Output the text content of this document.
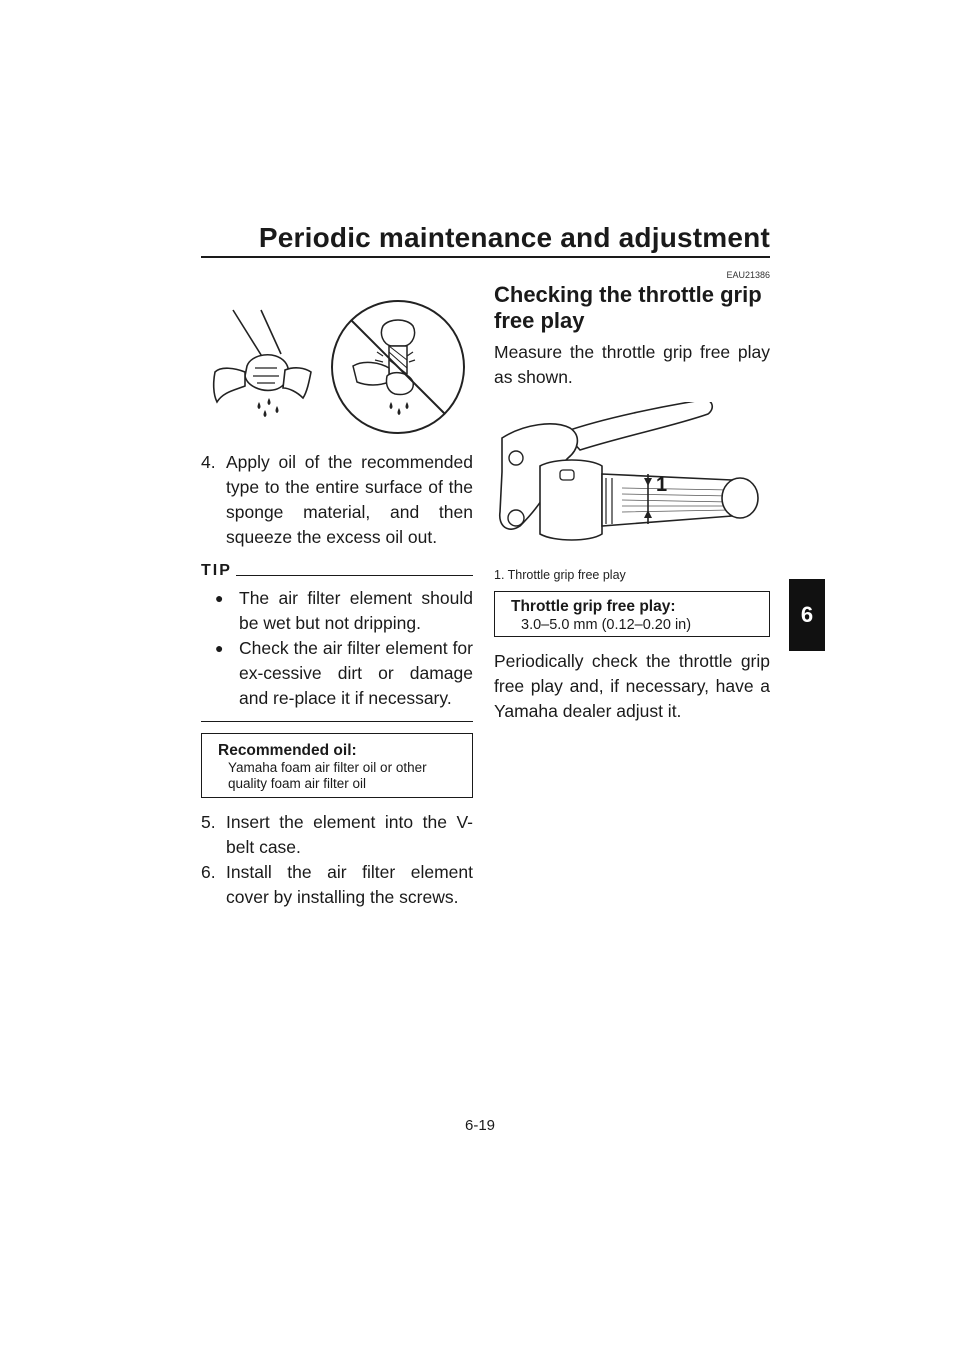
Periodic maintenance and adjustment
6
4. Apply oil of the recommended type to the entire surface of the sponge material, and then squeeze the excess oil out.
TIP
● The air filter element should be wet but not dripping.
● Check the air filter element for ex-cessive dirt or damage and re-place it if necessary.
Recommended oil:
Yamaha foam air filter oil or other quality foam air filter oil
5. Insert the element into the V-belt case.
6. Install the air filter element cover by installing the screws.
EAU21386
Checking the throttle grip free play
Measure the throttle grip free play as shown.
1
1. Throttle grip free play
Throttle grip free play:
3.0–5.0 mm (0.12–0.20 in)
Periodically check the throttle grip free play and, if necessary, have a Yamaha dealer adjust it.
6-19
